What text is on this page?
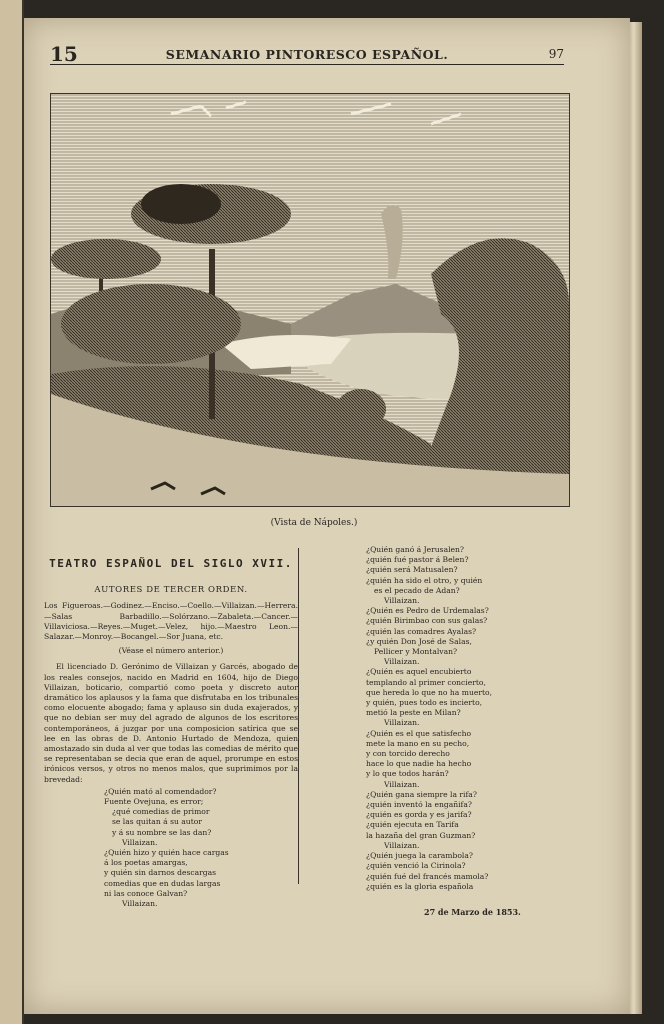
15	SEMANARIO PINTORESCO ESPAÑOL.	97
(Vista de Nápoles.)
TEATRO ESPAÑOL DEL SIGLO XVII.
AUTORES DE TERCER ORDEN.
Los Figueroas.—Godinez.—Enciso.—Coello.—Villaizan.—Herrera.—Salas Barbadillo.—Solórzano.—Zabaleta.—Cancer.—Villaviciosa.—Reyes.—Muget.—Velez, hijo.—Maestro Leon.—Salazar.—Monroy.—Bocangel.—Sor Juana, etc.
(Véase el número anterior.)
El licenciado D. Gerónimo de Villaizan y Garcés, abogado de los reales consejos, nacido en Madrid en 1604, hijo de Diego Villaizan, boticario, compartió como poeta y discreto autor dramático los aplausos y la fama que disfrutaba en los tribunales como elocuente abogado; fama y aplauso sin duda exajerados, y que no debian ser muy del agrado de algunos de los escritores contemporáneos, á juzgar por una composicion satírica que se lee en las obras de D. Antonio Hurtado de Mendoza, quien amostazado sin duda al ver que todas las comedias de mérito que se representaban se decia que eran de aquel, prorumpe en estos irónicos versos, y otros no menos malos, que suprimimos por la brevedad:
¿Quién mató al comendador?
Fuente Ovejuna, es error;
¿qué comedias de primor
se las quitan á su autor
y á su nombre se las dan?
Villaizan.
¿Quién hizo y quién hace cargas
á los poetas amargas,
y quién sin darnos descargas
comedias que en dudas largas
ni las conoce Galvan?
Villaizan.
¿Quién ganó á Jerusalen?
¿quién fué pastor á Belen?
¿quién será Matusalen?
¿quién ha sido el otro, y quién
es el pecado de Adan?
Villaizan.
¿Quién es Pedro de Urdemalas?
¿quién Birimbao con sus galas?
¿quién las comadres Ayalas?
¿y quién Don José de Salas,
Pellicer y Montalvan?
Villaizan.
¿Quién es aquel encubierto
templando al primer concierto,
que hereda lo que no ha muerto,
y quién, pues todo es incierto,
metió la peste en Milan?
Villaizan.
¿Quién es el que satisfecho
mete la mano en su pecho,
y con torcido derecho
hace lo que nadie ha hecho
y lo que todos harán?
Villaizan.
¿Quién gana siempre la rifa?
¿quién inventó la engañifa?
¿quién es gorda y es jarifa?
¿quién ejecuta en Tarifa
la hazaña del gran Guzman?
Villaizan.
¿Quién juega la carambola?
¿quién venció la Cirinola?
¿quién fué del francés mamola?
¿quién es la gloria española
27 de Marzo de 1853.
